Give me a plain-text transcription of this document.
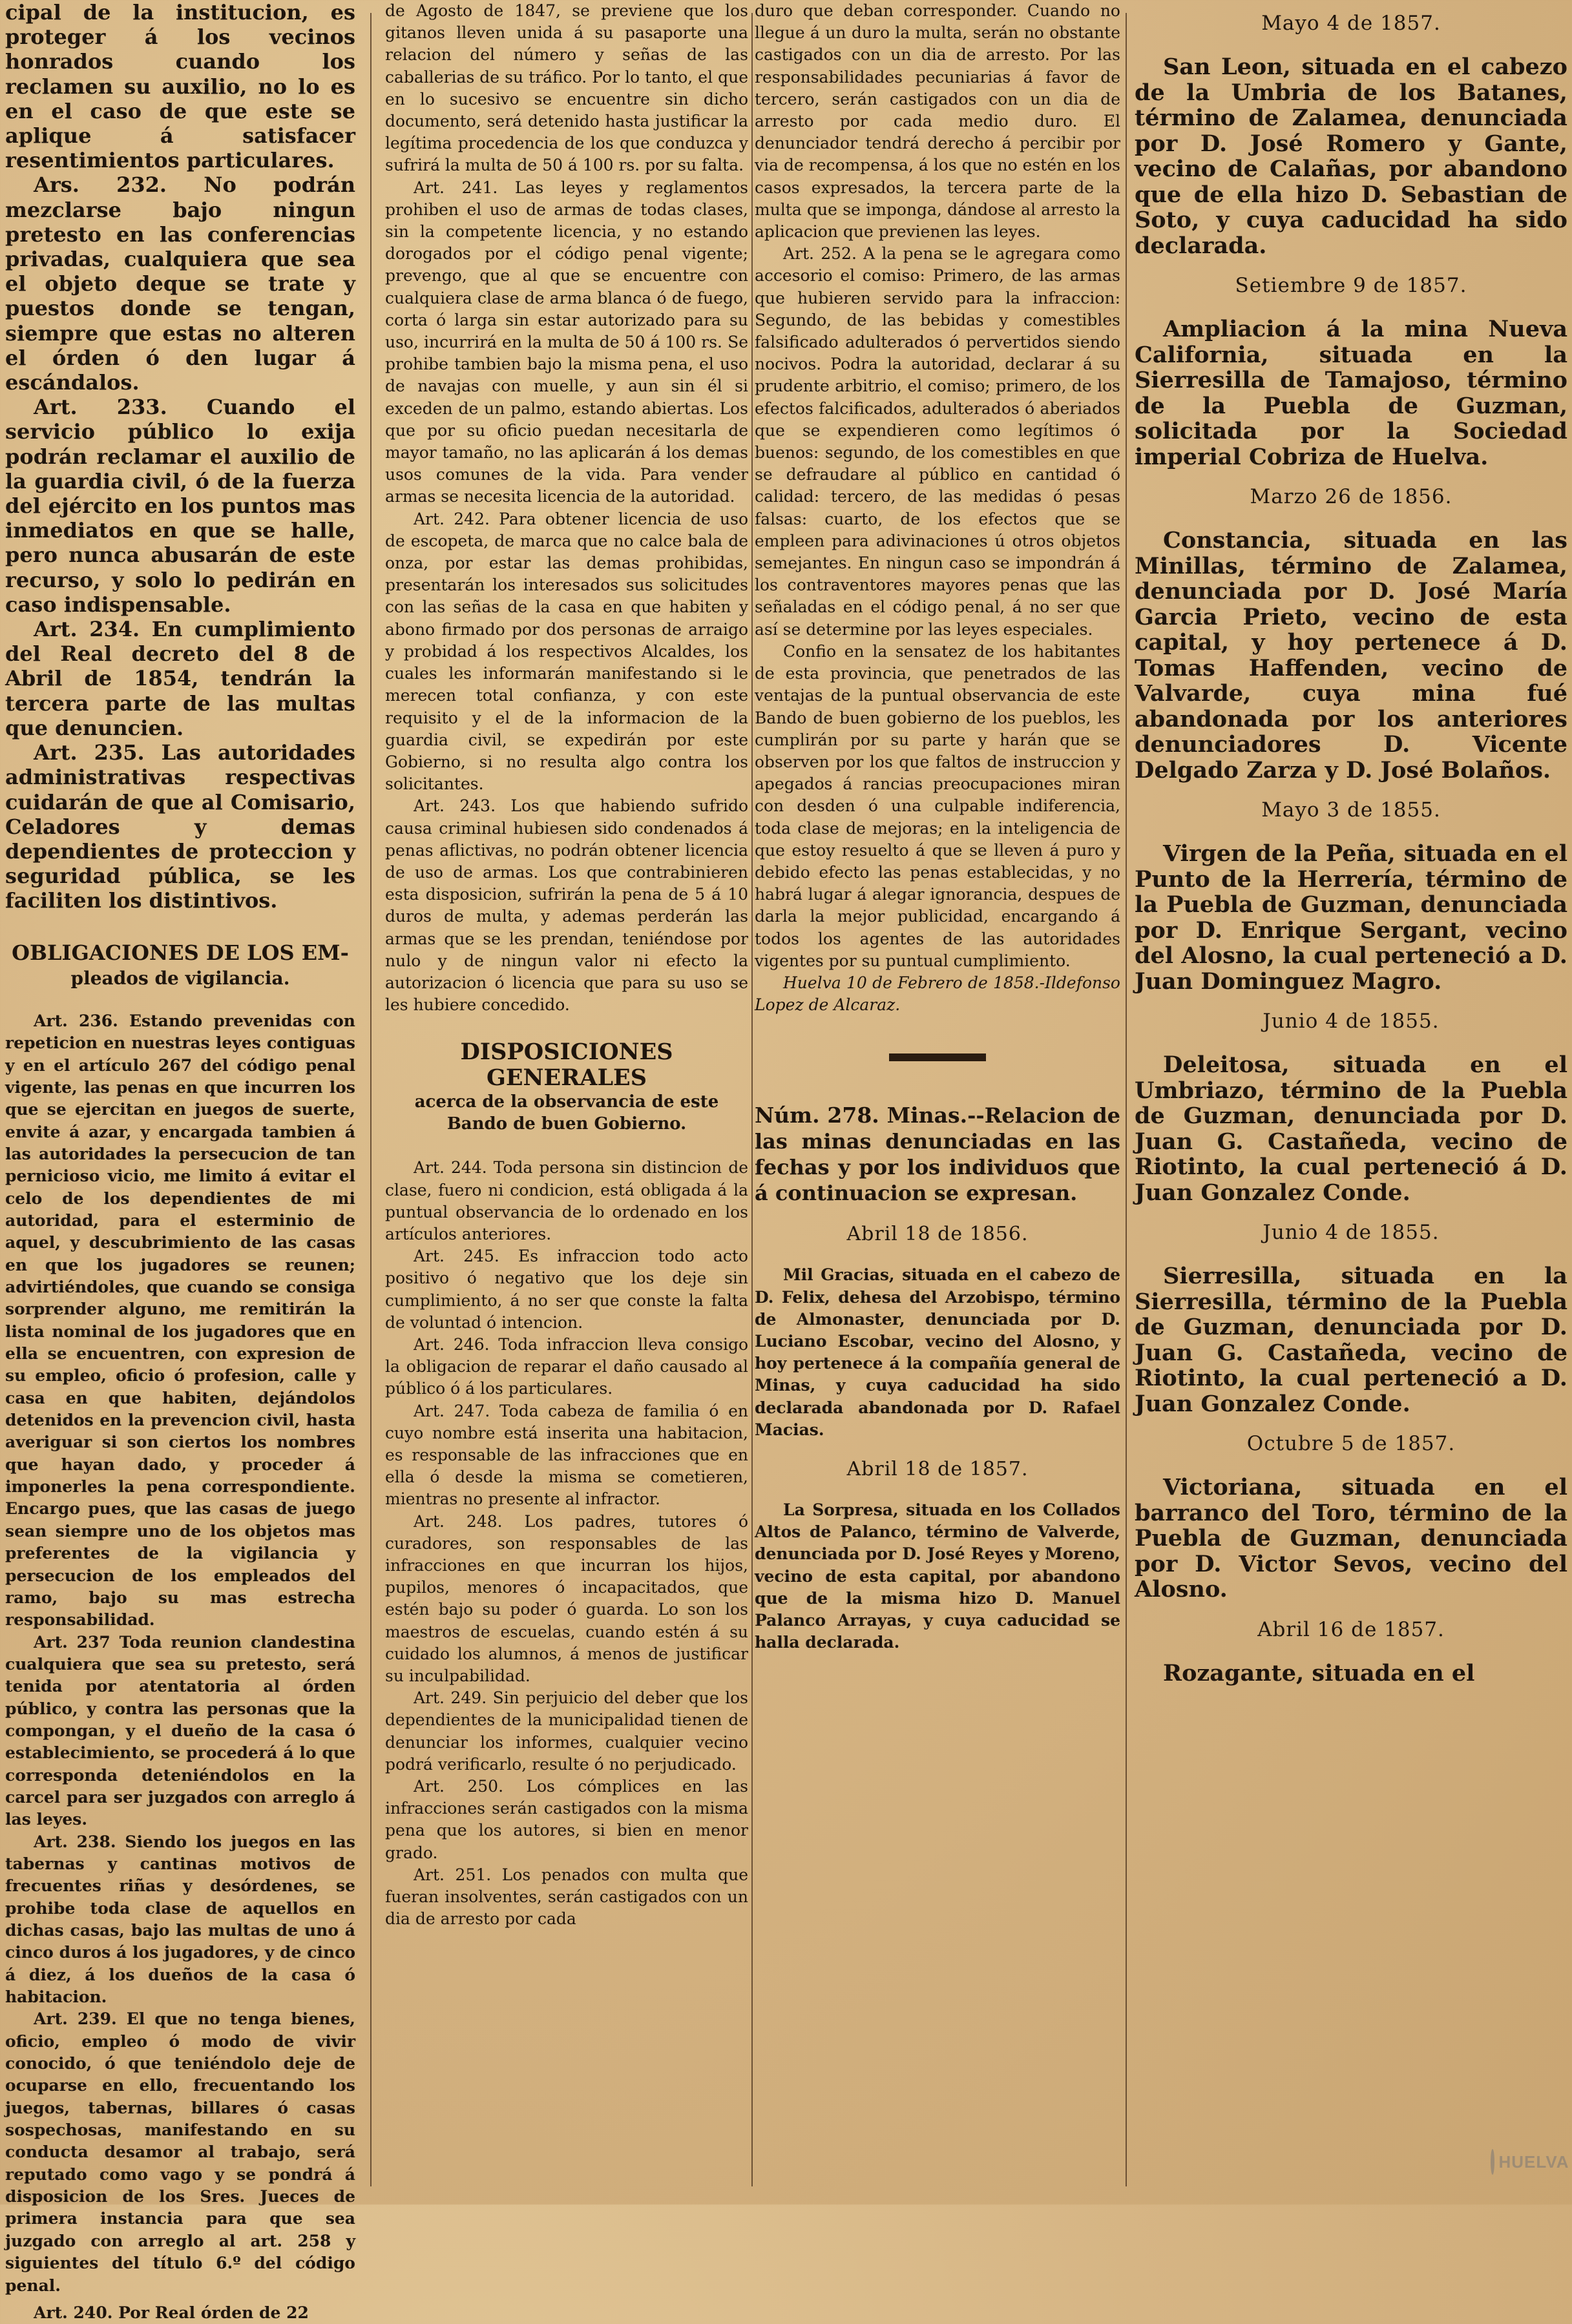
cipal de la institucion, es proteger á los vecinos honrados cuando los reclamen su auxilio, no lo es en el caso de que este se aplique á satisfacer resentimientos particulares.

Ars. 232. No podrán mezclarse bajo ningun pretesto en las conferencias privadas, cualquiera que sea el objeto deque se trate y puestos donde se tengan, siempre que estas no alteren el órden ó den lugar á escándalos.

Art. 233. Cuando el servicio público lo exija podrán reclamar el auxilio de la guardia civil, ó de la fuerza del ejército en los puntos mas inmediatos en que se halle, pero nunca abusarán de este recurso, y solo lo pedirán en caso indispensable.

Art. 234. En cumplimiento del Real decreto del 8 de Abril de 1854, tendrán la tercera parte de las multas que denuncien.

Art. 235. Las autoridades administrativas respectivas cuidarán de que al Comisario, Celadores y demas dependientes de proteccion y seguridad pública, se les faciliten los distintivos.

OBLIGACIONES DE LOS EM-
pleados de vigilancia.

Art. 236. Estando prevenidas con repeticion en nuestras leyes contiguas y en el artículo 267 del código penal vigente, las penas en que incurren los que se ejercitan en juegos de suerte, envite á azar, y encargada tambien á las autoridades la persecucion de tan pernicioso vicio, me limito á evitar el celo de los dependientes de mi autoridad, para el esterminio de aquel, y descubrimiento de las casas en que los jugadores se reunen; advirtiéndoles, que cuando se consiga sorprender alguno, me remitirán la lista nominal de los jugadores que en ella se encuentren, con expresion de su empleo, oficio ó profesion, calle y casa en que habiten, dejándolos detenidos en la prevencion civil, hasta averiguar si son ciertos los nombres que hayan dado, y proceder á imponerles la pena correspondiente. Encargo pues, que las casas de juego sean siempre uno de los objetos mas preferentes de la vigilancia y persecucion de los empleados del ramo, bajo su mas estrecha responsabilidad.

Art. 237 Toda reunion clandestina cualquiera que sea su pretesto, será tenida por atentatoria al órden público, y contra las personas que la compongan, y el dueño de la casa ó establecimiento, se procederá á lo que corresponda deteniéndolos en la carcel para ser juzgados con arreglo á las leyes.

Art. 238. Siendo los juegos en las tabernas y cantinas motivos de frecuentes riñas y desórdenes, se prohibe toda clase de aquellos en dichas casas, bajo las multas de uno á cinco duros á los jugadores, y de cinco á diez, á los dueños de la casa ó habitacion.

Art. 239. El que no tenga bienes, oficio, empleo ó modo de vivir conocido, ó que teniéndolo deje de ocuparse en ello, frecuentando los juegos, tabernas, billares ó casas sospechosas, manifestando en su conducta desamor al trabajo, será reputado como vago y se pondrá á disposicion de los Sres. Jueces de primera instancia para que sea juzgado con arreglo al art. 258 y siguientes del título 6.º del código penal.

Art. 240. Por Real órden de 22

de Agosto de 1847, se previene que los gitanos lleven unida á su pasaporte una relacion del número y señas de las caballerias de su tráfico. Por lo tanto, el que en lo sucesivo se encuentre sin dicho documento, será detenido hasta justificar la legítima procedencia de los que conduzca y sufrirá la multa de 50 á 100 rs. por su falta.

Art. 241. Las leyes y reglamentos prohiben el uso de armas de todas clases, sin la competente licencia, y no estando dorogados por el código penal vigente; prevengo, que al que se encuentre con cualquiera clase de arma blanca ó de fuego, corta ó larga sin estar autorizado para su uso, incurrirá en la multa de 50 á 100 rs. Se prohibe tambien bajo la misma pena, el uso de navajas con muelle, y aun sin él si exceden de un palmo, estando abiertas. Los que por su oficio puedan necesitarla de mayor tamaño, no las aplicarán á los demas usos comunes de la vida. Para vender armas se necesita licencia de la autoridad.

Art. 242. Para obtener licencia de uso de escopeta, de marca que no calce bala de onza, por estar las demas prohibidas, presentarán los interesados sus solicitudes con las señas de la casa en que habiten y abono firmado por dos personas de arraigo y probidad á los respectivos Alcaldes, los cuales les informarán manifestando si le merecen total confianza, y con este requisito y el de la informacion de la guardia civil, se expedirán por este Gobierno, si no resulta algo contra los solicitantes.

Art. 243. Los que habiendo sufrido causa criminal hubiesen sido condenados á penas aflictivas, no podrán obtener licencia de uso de armas. Los que contrabinieren esta disposicion, sufrirán la pena de 5 á 10 duros de multa, y ademas perderán las armas que se les prendan, teniéndose por nulo y de ningun valor ni efecto la autorizacion ó licencia que para su uso se les hubiere concedido.

DISPOSICIONES GENERALES
acerca de la observancia de este Bando de buen Gobierno.

Art. 244. Toda persona sin distincion de clase, fuero ni condicion, está obligada á la puntual observancia de lo ordenado en los artículos anteriores.

Art. 245. Es infraccion todo acto positivo ó negativo que los deje sin cumplimiento, á no ser que conste la falta de voluntad ó intencion.

Art. 246. Toda infraccion lleva consigo la obligacion de reparar el daño causado al público ó á los particulares.

Art. 247. Toda cabeza de familia ó en cuyo nombre está inserita una habitacion, es responsable de las infracciones que en ella ó desde la misma se cometieren, mientras no presente al infractor.

Art. 248. Los padres, tutores ó curadores, son responsables de las infracciones en que incurran los hijos, pupilos, menores ó incapacitados, que estén bajo su poder ó guarda. Lo son los maestros de escuelas, cuando estén á su cuidado los alumnos, á menos de justificar su inculpabilidad.

Art. 249. Sin perjuicio del deber que los dependientes de la municipalidad tienen de denunciar los informes, cualquier vecino podrá verificarlo, resulte ó no perjudicado.

Art. 250. Los cómplices en las infracciones serán castigados con la misma pena que los autores, si bien en menor grado.

Art. 251. Los penados con multa que fueran insolventes, serán castigados con un dia de arresto por cada

duro que deban corresponder. Cuando no llegue á un duro la multa, serán no obstante castigados con un dia de arresto. Por las responsabilidades pecuniarias á favor de tercero, serán castigados con un dia de arresto por cada medio duro. El denunciador tendrá derecho á percibir por via de recompensa, á los que no estén en los casos expresados, la tercera parte de la multa que se imponga, dándose al arresto la aplicacion que previenen las leyes.

Art. 252. A la pena se le agregara como accesorio el comiso: Primero, de las armas que hubieren servido para la infraccion: Segundo, de las bebidas y comestibles falsificado adulterados ó pervertidos siendo nocivos. Podra la autoridad, declarar á su prudente arbitrio, el comiso; primero, de los efectos falcificados, adulterados ó aberiados que se expendieren como legítimos ó buenos: segundo, de los comestibles en que se defraudare al público en cantidad ó calidad: tercero, de las medidas ó pesas falsas: cuarto, de los efectos que se empleen para adivinaciones ú otros objetos semejantes. En ningun caso se impondrán á los contraventores mayores penas que las señaladas en el código penal, á no ser que así se determine por las leyes especiales.

Confio en la sensatez de los habitantes de esta provincia, que penetrados de las ventajas de la puntual observancia de este Bando de buen gobierno de los pueblos, les cumplirán por su parte y harán que se observen por los que faltos de instruccion y apegados á rancias preocupaciones miran con desden ó una culpable indiferencia, toda clase de mejoras; en la inteligencia de que estoy resuelto á que se lleven á puro y debido efecto las penas establecidas, y no habrá lugar á alegar ignorancia, despues de darla la mejor publicidad, encargando á todos los agentes de las autoridades vigentes por su puntual cumplimiento.

Huelva 10 de Febrero de 1858.-Ildefonso Lopez de Alcaraz.

Núm. 278. Minas.--Relacion de las minas denunciadas en las fechas y por los individuos que á continuacion se expresan.

Abril 18 de 1856.

Mil Gracias, situada en el cabezo de D. Felix, dehesa del Arzobispo, término de Almonaster, denunciada por D. Luciano Escobar, vecino del Alosno, y hoy pertenece á la compañía general de Minas, y cuya caducidad ha sido declarada abandonada por D. Rafael Macias.

Abril 18 de 1857.

La Sorpresa, situada en los Collados Altos de Palanco, término de Valverde, denunciada por D. José Reyes y Moreno, vecino de esta capital, por abandono que de la misma hizo D. Manuel Palanco Arrayas, y cuya caducidad se halla declarada.

Mayo 4 de 1857.

San Leon, situada en el cabezo de la Umbria de los Batanes, término de Zalamea, denunciada por D. José Romero y Gante, vecino de Calañas, por abandono que de ella hizo D. Sebastian de Soto, y cuya caducidad ha sido declarada.

Setiembre 9 de 1857.

Ampliacion á la mina Nueva California, situada en la Sierresilla de Tamajoso, término de la Puebla de Guzman, solicitada por la Sociedad imperial Cobriza de Huelva.

Marzo 26 de 1856.

Constancia, situada en las Minillas, término de Zalamea, denunciada por D. José María Garcia Prieto, vecino de esta capital, y hoy pertenece á D. Tomas Haffenden, vecino de Valvarde, cuya mina fué abandonada por los anteriores denunciadores D. Vicente Delgado Zarza y D. José Bolaños.

Mayo 3 de 1855.

Virgen de la Peña, situada en el Punto de la Herrería, término de la Puebla de Guzman, denunciada por D. Enrique Sergant, vecino del Alosno, la cual perteneció a D. Juan Dominguez Magro.

Junio 4 de 1855.

Deleitosa, situada en el Umbriazo, término de la Puebla de Guzman, denunciada por D. Juan G. Castañeda, vecino de Riotinto, la cual perteneció á D. Juan Gonzalez Conde.

Junio 4 de 1855.

Sierresilla, situada en la Sierresilla, término de la Puebla de Guzman, denunciada por D. Juan G. Castañeda, vecino de Riotinto, la cual perteneció a D. Juan Gonzalez Conde.

Octubre 5 de 1857.

Victoriana, situada en el barranco del Toro, término de la Puebla de Guzman, denunciada por D. Victor Sevos, vecino del Alosno.

Abril 16 de 1857.

Rozagante, situada en el

HUELVA
